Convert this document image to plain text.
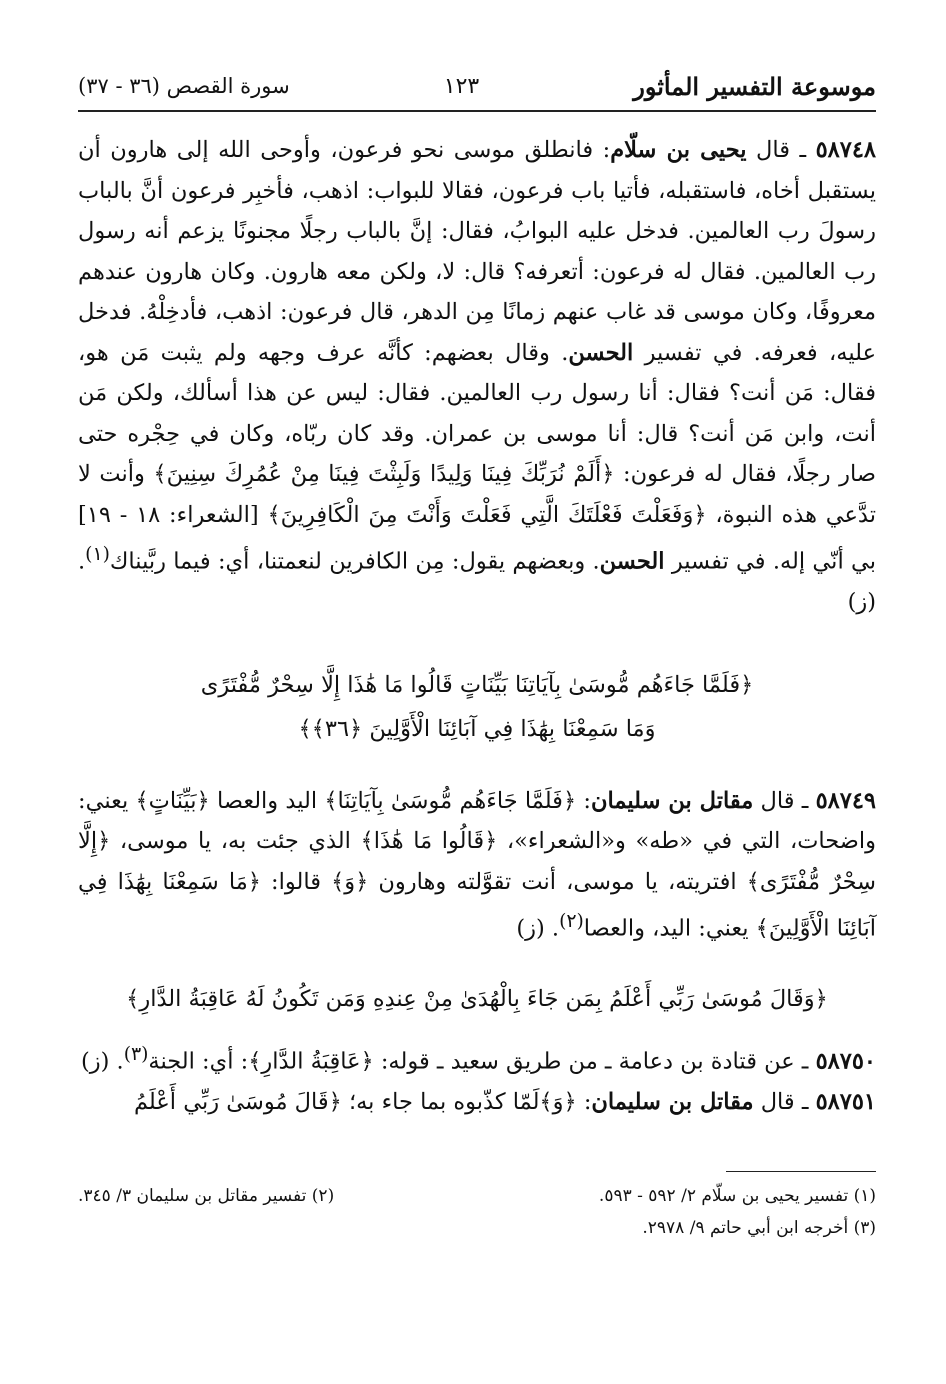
موسوعة التفسير المأثور
١٢٣
سورة القصص (٣٦ - ٣٧)

٥٨٧٤٨ ـ قال يحيى بن سلّام: فانطلق موسى نحو فرعون، وأوحى الله إلى هارون أن يستقبل أخاه، فاستقبله، فأتيا باب فرعون، فقالا للبواب: اذهب، فأخبِر فرعون أنَّ بالباب رسولَ رب العالمين. فدخل عليه البوابُ، فقال: إنَّ بالباب رجلًا مجنونًا يزعم أنه رسول رب العالمين. فقال له فرعون: أتعرفه؟ قال: لا، ولكن معه هارون. وكان هارون عندهم معروفًا، وكان موسى قد غاب عنهم زمانًا مِن الدهر، قال فرعون: اذهب، فأدخِلْهُ. فدخل عليه، فعرفه. في تفسير الحسن. وقال بعضهم: كأنَّه عرف وجهه ولم يثبت مَن هو، فقال: مَن أنت؟ فقال: أنا رسول رب العالمين. فقال: ليس عن هذا أسألك، ولكن مَن أنت، وابن مَن أنت؟ قال: أنا موسى بن عمران. وقد كان ربّاه، وكان في حِجْره حتى صار رجلًا، فقال له فرعون: ﴿أَلَمْ نُرَبِّكَ فِينَا وَلِيدًا وَلَبِثْتَ فِينَا مِنْ عُمُرِكَ سِنِينَ﴾ وأنت لا تدَّعي هذه النبوة، ﴿وَفَعَلْتَ فَعْلَتَكَ الَّتِي فَعَلْتَ وَأَنْتَ مِنَ الْكَافِرِينَ﴾ [الشعراء: ١٨ - ١٩] بي أنّي إله. في تفسير الحسن. وبعضهم يقول: مِن الكافرين لنعمتنا، أي: فيما ربَّيناك$^{(١)}$. (ز)

﴿فَلَمَّا جَاءَهُم مُّوسَىٰ بِآيَاتِنَا بَيِّنَاتٍ قَالُوا مَا هَٰذَا إِلَّا سِحْرٌ مُّفْتَرًى

وَمَا سَمِعْنَا بِهَٰذَا فِي آبَائِنَا الْأَوَّلِينَ ﴿٣٦﴾﴾

٥٨٧٤٩ ـ قال مقاتل بن سليمان: ﴿فَلَمَّا جَاءَهُم مُّوسَىٰ بِآيَاتِنَا﴾ اليد والعصا ﴿بَيِّنَاتٍ﴾ يعني: واضحات، التي في «طه» و«الشعراء»، ﴿قَالُوا مَا هَٰذَا﴾ الذي جئت به، يا موسى، ﴿إِلَّا سِحْرٌ مُّفْتَرًى﴾ افتريته، يا موسى، أنت تقوَّلته وهارون ﴿وَ﴾ قالوا: ﴿مَا سَمِعْنَا بِهَٰذَا فِي آبَائِنَا الْأَوَّلِينَ﴾ يعني: اليد، والعصا$^{(٢)}$. (ز)

﴿وَقَالَ مُوسَىٰ رَبِّي أَعْلَمُ بِمَن جَاءَ بِالْهُدَىٰ مِنْ عِندِهِ وَمَن تَكُونُ لَهُ عَاقِبَةُ الدَّارِ﴾

٥٨٧٥٠ ـ عن قتادة بن دعامة ـ من طريق سعيد ـ قوله: ﴿عَاقِبَةُ الدَّارِ﴾: أي: الجنة$^{(٣)}$. (ز)

٥٨٧٥١ ـ قال مقاتل بن سليمان: ﴿وَ﴾لَمّا كذّبوه بما جاء به؛ ﴿قَالَ مُوسَىٰ رَبِّي أَعْلَمُ

(١) تفسير يحيى بن سلّام ٢/ ٥٩٢ - ٥٩٣.
(٢) تفسير مقاتل بن سليمان ٣/ ٣٤٥.
(٣) أخرجه ابن أبي حاتم ٩/ ٢٩٧٨.
